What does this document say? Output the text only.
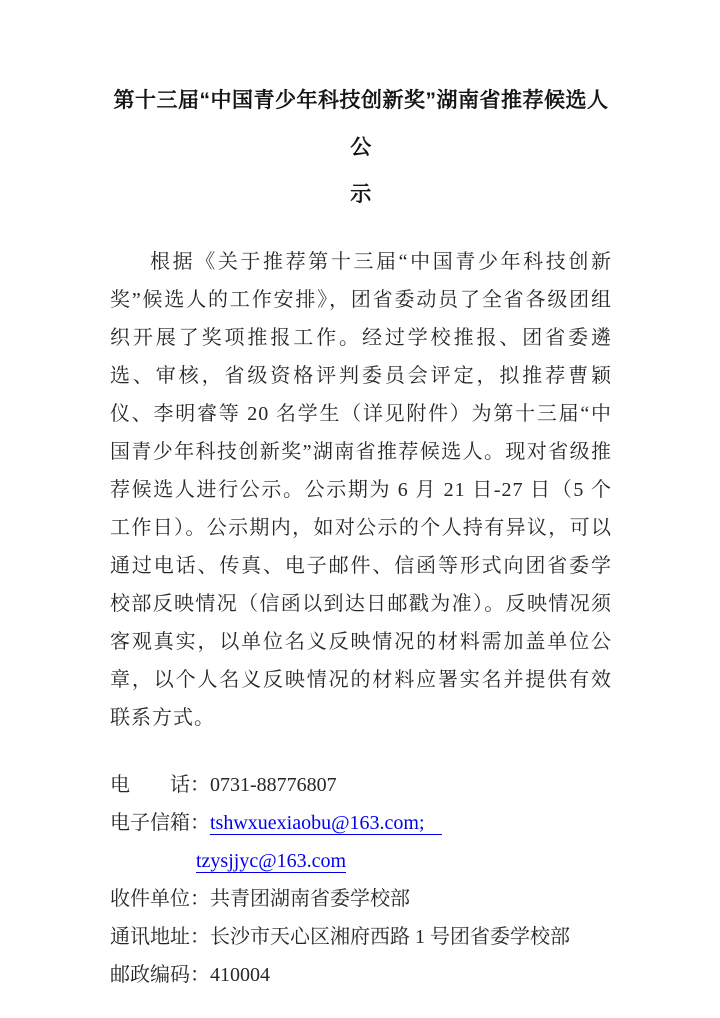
第十三届“中国青少年科技创新奖”湖南省推荐候选人公
示

根据《关于推荐第十三届“中国青少年科技创新奖”候选人的工作安排》，团省委动员了全省各级团组织开展了奖项推报工作。经过学校推报、团省委遴选、审核，省级资格评判委员会评定，拟推荐曹颖仪、李明睿等 20 名学生（详见附件）为第十三届“中国青少年科技创新奖”湖南省推荐候选人。现对省级推荐候选人进行公示。公示期为 6 月 21 日-27 日（5 个工作日）。公示期内，如对公示的个人持有异议，可以通过电话、传真、电子邮件、信函等形式向团省委学校部反映情况（信函以到达日邮戳为准）。反映情况须客观真实，以单位名义反映情况的材料需加盖单位公章，以个人名义反映情况的材料应署实名并提供有效联系方式。

电　　话： 0731-88776807
电子信箱： tshwxuexiaobu@163.com;
tzysjjyc@163.com
收件单位： 共青团湖南省委学校部
通讯地址： 长沙市天心区湘府西路 1 号团省委学校部
邮政编码： 410004
